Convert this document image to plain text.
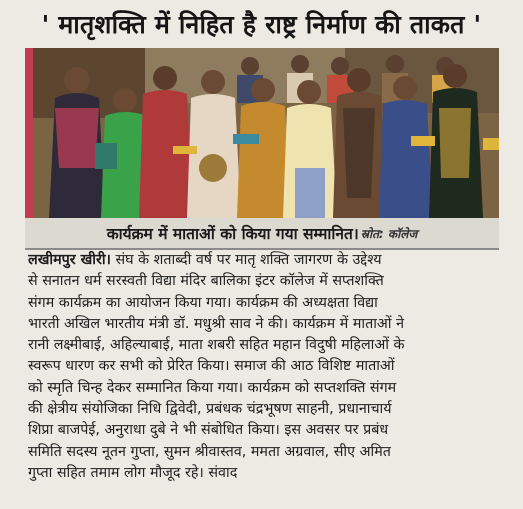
' मातृशक्ति में निहित है राष्ट्र निर्माण की ताकत '
कार्यक्रम में माताओं को किया गया सम्मानित। स्रोत: कॉलेज
लखीमपुर खीरी। संघ के शताब्दी वर्ष पर मातृ शक्ति जागरण के उद्देश्य
से सनातन धर्म सरस्वती विद्या मंदिर बालिका इंटर कॉलेज में सप्तशक्ति
संगम कार्यक्रम का आयोजन किया गया। कार्यक्रम की अध्यक्षता विद्या
भारती अखिल भारतीय मंत्री डॉ. मधुश्री साव ने की। कार्यक्रम में माताओं ने
रानी लक्ष्मीबाई, अहिल्याबाई, माता शबरी सहित महान विदुषी महिलाओं के
स्वरूप धारण कर सभी को प्रेरित किया। समाज की आठ विशिष्ट माताओं
को स्मृति चिन्ह देकर सम्मानित किया गया। कार्यक्रम को सप्तशक्ति संगम
की क्षेत्रीय संयोजिका निधि द्विवेदी, प्रबंधक चंद्रभूषण साहनी, प्रधानाचार्य
शिप्रा बाजपेई, अनुराधा दुबे ने भी संबोधित किया। इस अवसर पर प्रबंध
समिति सदस्य नूतन गुप्ता, सुमन श्रीवास्तव, ममता अग्रवाल, सीए अमित
गुप्ता सहित तमाम लोग मौजूद रहे। संवाद
